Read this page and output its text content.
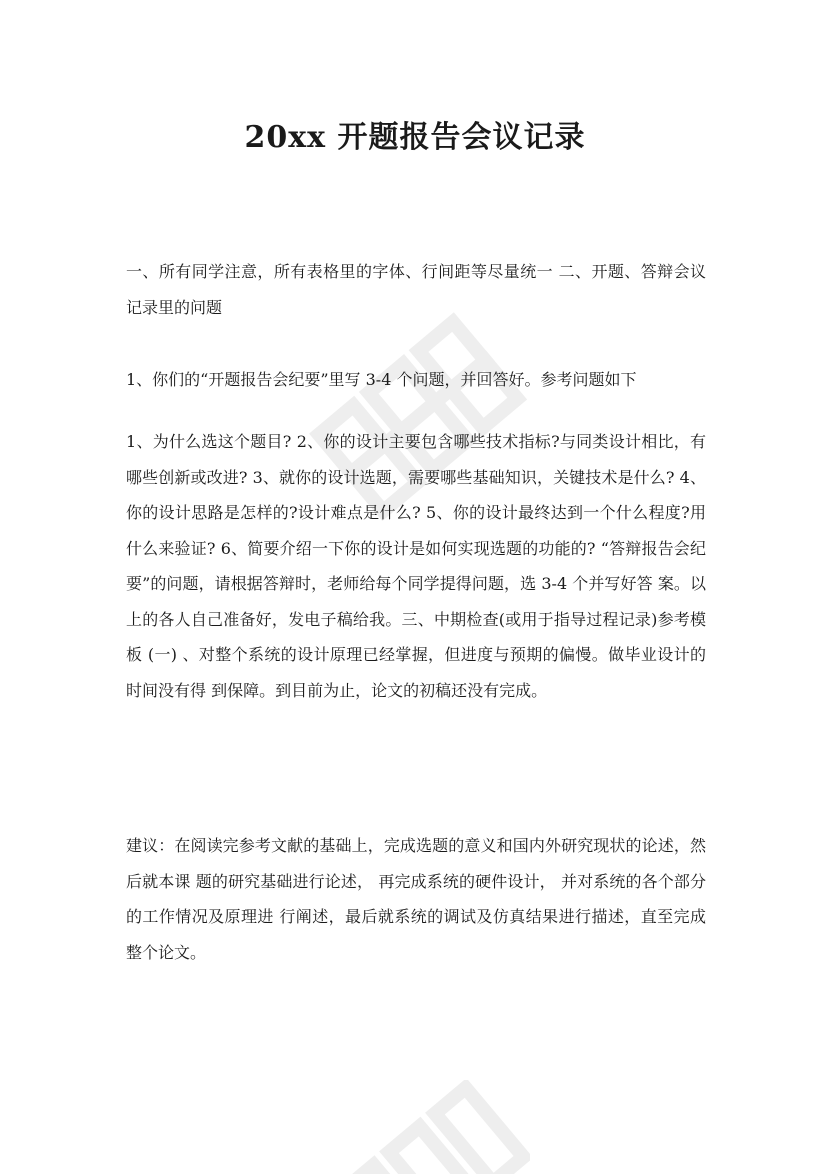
20xx 开题报告会议记录

一、所有同学注意，所有表格里的字体、行间距等尽量统一 二、开题、答辩会议记录里的问题

1、你们的“开题报告会纪要”里写 3-4 个问题，并回答好。参考问题如下

1、为什么选这个题目? 2、你的设计主要包含哪些技术指标?与同类设计相比，有哪些创新或改进? 3、就你的设计选题，需要哪些基础知识，关键技术是什么? 4、你的设计思路是怎样的?设计难点是什么? 5、你的设计最终达到一个什么程度?用什么来验证? 6、简要介绍一下你的设计是如何实现选题的功能的? “答辩报告会纪要”的问题，请根据答辩时，老师给每个同学提得问题，选 3-4 个并写好答 案。以上的各人自己准备好，发电子稿给我。三、中期检查(或用于指导过程记录)参考模板 (一) 、对整个系统的设计原理已经掌握，但进度与预期的偏慢。做毕业设计的时间没有得 到保障。到目前为止，论文的初稿还没有完成。

建议：在阅读完参考文献的基础上，完成选题的意义和国内外研究现状的论述，然后就本课 题的研究基础进行论述， 再完成系统的硬件设计， 并对系统的各个部分的工作情况及原理进 行阐述，最后就系统的调试及仿真结果进行描述，直至完成整个论文。
